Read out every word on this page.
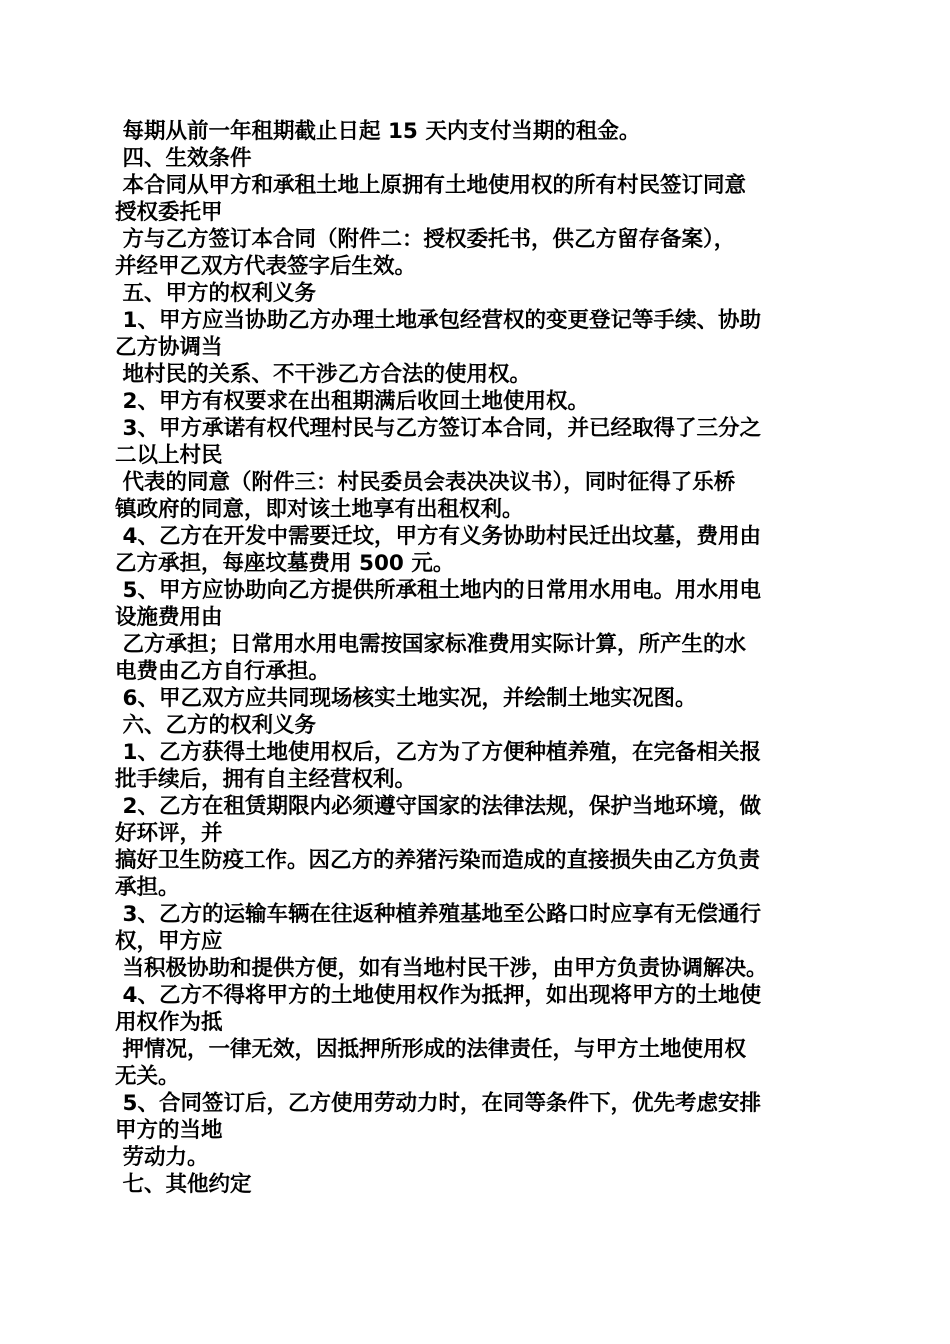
每期从前一年租期截止日起 15 天内支付当期的租金。
四、生效条件
本合同从甲方和承租土地上原拥有土地使用权的所有村民签订同意
授权委托甲
方与乙方签订本合同（附件二：授权委托书，供乙方留存备案），
并经甲乙双方代表签字后生效。
五、甲方的权利义务
1、甲方应当协助乙方办理土地承包经营权的变更登记等手续、协助
乙方协调当
地村民的关系、不干涉乙方合法的使用权。
2、甲方有权要求在出租期满后收回土地使用权。
3、甲方承诺有权代理村民与乙方签订本合同，并已经取得了三分之
二以上村民
代表的同意（附件三：村民委员会表决决议书），同时征得了乐桥
镇政府的同意，即对该土地享有出租权利。
4、乙方在开发中需要迁坟，甲方有义务协助村民迁出坟墓，费用由
乙方承担，每座坟墓费用 500 元。
5、甲方应协助向乙方提供所承租土地内的日常用水用电。用水用电
设施费用由
乙方承担；日常用水用电需按国家标准费用实际计算，所产生的水
电费由乙方自行承担。
6、甲乙双方应共同现场核实土地实况，并绘制土地实况图。
六、乙方的权利义务
1、乙方获得土地使用权后，乙方为了方便种植养殖，在完备相关报
批手续后，拥有自主经营权利。
2、乙方在租赁期限内必须遵守国家的法律法规，保护当地环境，做
好环评，并
搞好卫生防疫工作。因乙方的养猪污染而造成的直接损失由乙方负责
承担。
3、乙方的运输车辆在往返种植养殖基地至公路口时应享有无偿通行
权，甲方应
当积极协助和提供方便，如有当地村民干涉，由甲方负责协调解决。
4、乙方不得将甲方的土地使用权作为抵押，如出现将甲方的土地使
用权作为抵
押情况，一律无效，因抵押所形成的法律责任，与甲方土地使用权
无关。
5、合同签订后，乙方使用劳动力时，在同等条件下，优先考虑安排
甲方的当地
劳动力。
七、其他约定
